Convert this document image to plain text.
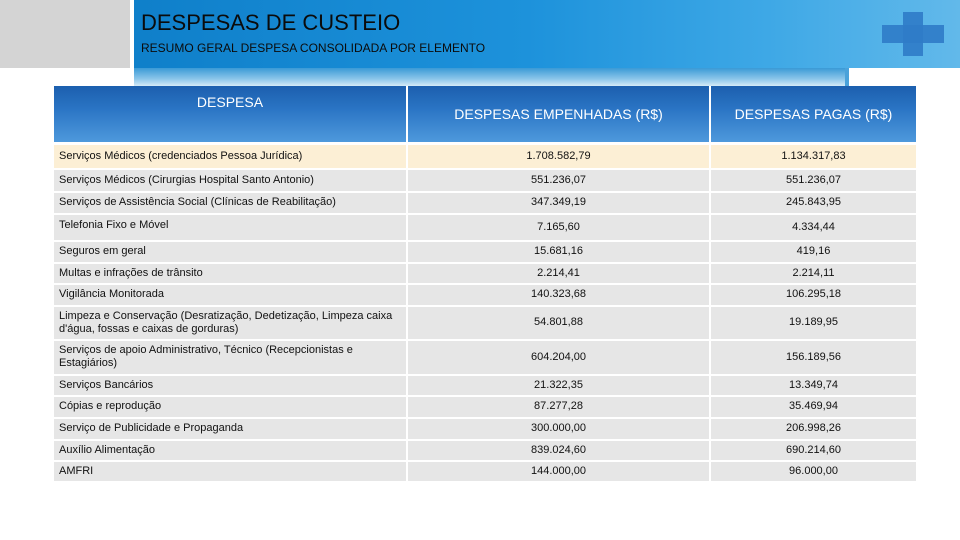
DESPESAS DE CUSTEIO
RESUMO GERAL DESPESA CONSOLIDADA POR ELEMENTO
DESPESA	DESPESAS EMPENHADAS (R$)	DESPESAS PAGAS (R$)
Serviços Médicos (credenciados Pessoa Jurídica)	1.708.582,79	1.134.317,83
Serviços Médicos (Cirurgias Hospital Santo Antonio)	551.236,07	551.236,07
Serviços de Assistência Social (Clínicas de Reabilitação)	347.349,19	245.843,95
Telefonia Fixo e Móvel	7.165,60	4.334,44
Seguros em geral	15.681,16	419,16
Multas e infrações de trânsito	2.214,41	2.214,11
Vigilância Monitorada	140.323,68	106.295,18
Limpeza e Conservação (Desratização, Dedetização, Limpeza caixa d'água, fossas e caixas de gorduras)	54.801,88	19.189,95
Serviços de apoio Administrativo, Técnico (Recepcionistas e Estagiários)	604.204,00	156.189,56
Serviços Bancários	21.322,35	13.349,74
Cópias e reprodução	87.277,28	35.469,94
Serviço de Publicidade e Propaganda	300.000,00	206.998,26
Auxílio Alimentação	839.024,60	690.214,60
AMFRI	144.000,00	96.000,00
